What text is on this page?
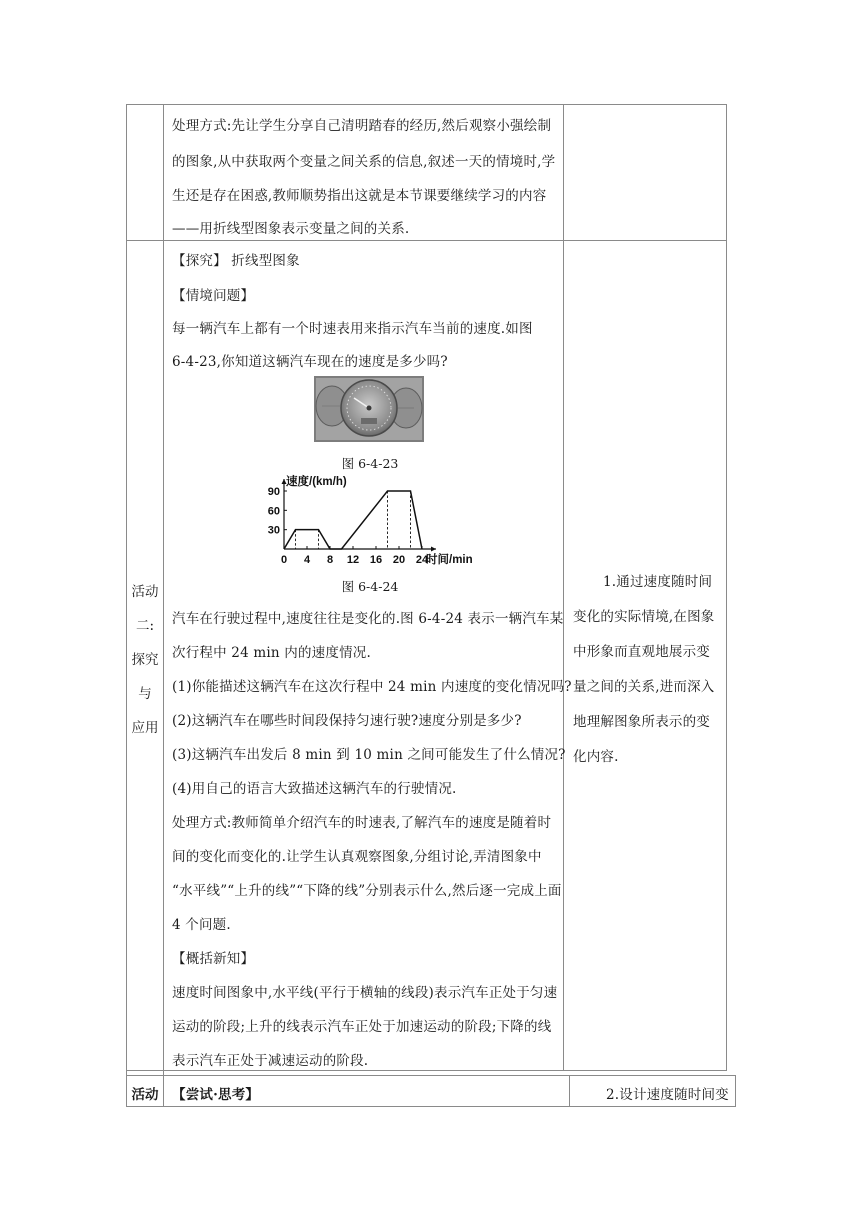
处理方式:先让学生分享自己清明踏春的经历,然后观察小强绘制
的图象,从中获取两个变量之间关系的信息,叙述一天的情境时,学
生还是存在困惑,教师顺势指出这就是本节课要继续学习的内容
——用折线型图象表示变量之间的关系.
活动
二:
探究
与
应用
【探究】 折线型图象
【情境问题】
每一辆汽车上都有一个时速表用来指示汽车当前的速度.如图
6-4-23,你知道这辆汽车现在的速度是多少吗?
图 6-4-23
0 4 8 12 16 20 24
30
60
90
速度/(km/h)
时间/min
图 6-4-24
汽车在行驶过程中,速度往往是变化的.图 6-4-24 表示一辆汽车某
次行程中 24 min 内的速度情况.
(1)你能描述这辆汽车在这次行程中 24 min 内速度的变化情况吗?
(2)这辆汽车在哪些时间段保持匀速行驶?速度分别是多少?
(3)这辆汽车出发后 8 min 到 10 min 之间可能发生了什么情况?
(4)用自己的语言大致描述这辆汽车的行驶情况.
处理方式:教师简单介绍汽车的时速表,了解汽车的速度是随着时
间的变化而变化的.让学生认真观察图象,分组讨论,弄清图象中
“水平线”“上升的线”“下降的线”分别表示什么,然后逐一完成上面
4 个问题.
【概括新知】
速度时间图象中,水平线(平行于横轴的线段)表示汽车正处于匀速
运动的阶段;上升的线表示汽车正处于加速运动的阶段;下降的线
表示汽车正处于减速运动的阶段.
1.通过速度随时间
变化的实际情境,在图象
中形象而直观地展示变
量之间的关系,进而深入
地理解图象所表示的变
化内容.
活动 【尝试·思考】	2.设计速度随时间变
